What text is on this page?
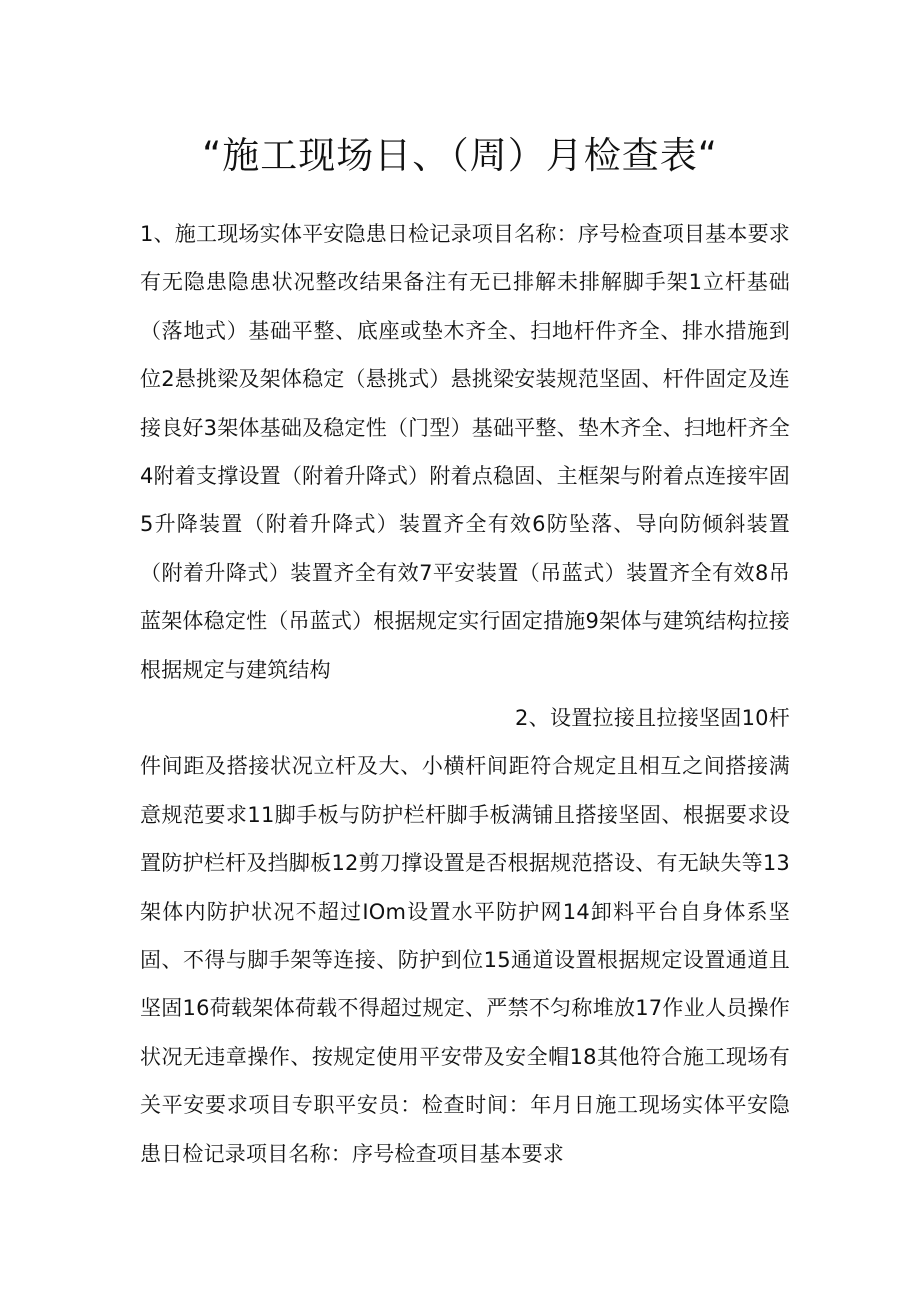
“施工现场日、（周）月检查表“

1、施工现场实体平安隐患日检记录项目名称：序号检查项目基本要求有无隐患隐患状况整改结果备注有无已排解未排解脚手架1立杆基础（落地式）基础平整、底座或垫木齐全、扫地杆件齐全、排水措施到位2悬挑梁及架体稳定（悬挑式）悬挑梁安装规范坚固、杆件固定及连接良好3架体基础及稳定性（门型）基础平整、垫木齐全、扫地杆齐全4附着支撑设置（附着升降式）附着点稳固、主框架与附着点连接牢固5升降装置（附着升降式）装置齐全有效6防坠落、导向防倾斜装置（附着升降式）装置齐全有效7平安装置（吊蓝式）装置齐全有效8吊蓝架体稳定性（吊蓝式）根据规定实行固定措施9架体与建筑结构拉接根据规定与建筑结构

2、设置拉接且拉接坚固10杆件间距及搭接状况立杆及大、小横杆间距符合规定且相互之间搭接满意规范要求11脚手板与防护栏杆脚手板满铺且搭接坚固、根据要求设置防护栏杆及挡脚板12剪刀撑设置是否根据规范搭设、有无缺失等13架体内防护状况不超过IOm设置水平防护网14卸料平台自身体系坚固、不得与脚手架等连接、防护到位15通道设置根据规定设置通道且坚固16荷载架体荷载不得超过规定、严禁不匀称堆放17作业人员操作状况无违章操作、按规定使用平安带及安全帽18其他符合施工现场有关平安要求项目专职平安员：检查时间：年月日施工现场实体平安隐患日检记录项目名称：序号检查项目基本要求
